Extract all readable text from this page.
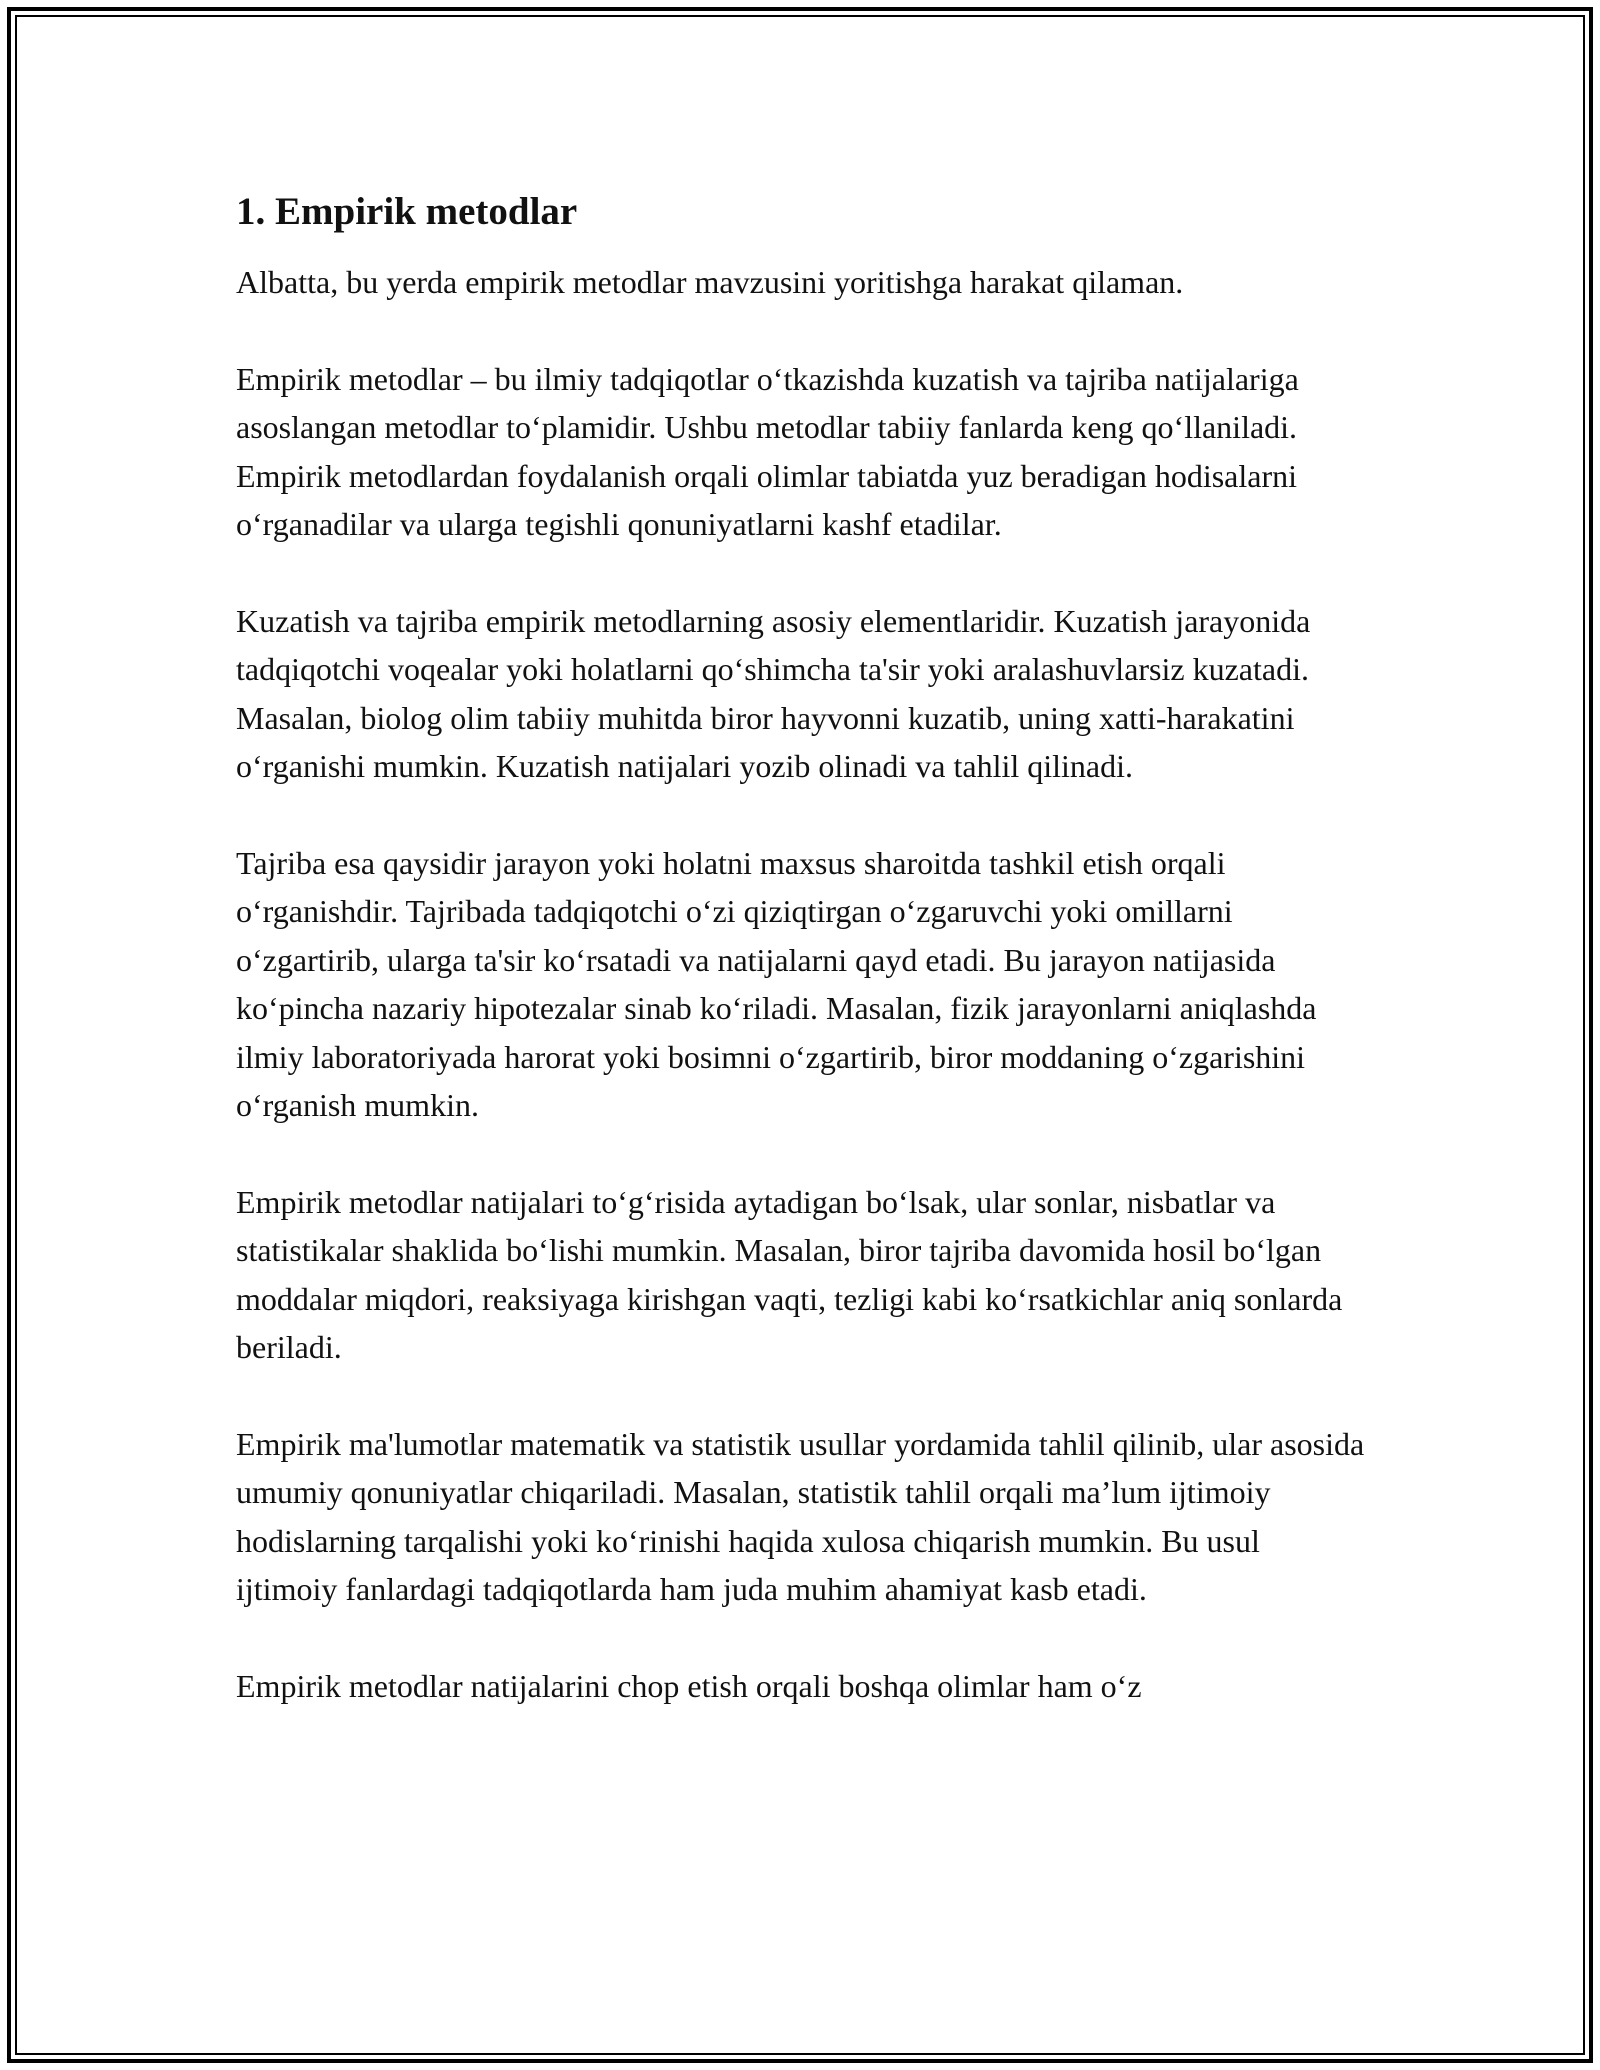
1. Empirik metodlar

Albatta, bu yerda empirik metodlar mavzusini yoritishga harakat qilaman.

Empirik metodlar – bu ilmiy tadqiqotlar oʻtkazishda kuzatish va tajriba natijalariga asoslangan metodlar toʻplamidir. Ushbu metodlar tabiiy fanlarda keng qoʻllaniladi. Empirik metodlardan foydalanish orqali olimlar tabiatda yuz beradigan hodisalarni oʻrganadilar va ularga tegishli qonuniyatlarni kashf etadilar.

Kuzatish va tajriba empirik metodlarning asosiy elementlaridir. Kuzatish jarayonida tadqiqotchi voqealar yoki holatlarni qoʻshimcha ta'sir yoki aralashuvlarsiz kuzatadi. Masalan, biolog olim tabiiy muhitda biror hayvonni kuzatib, uning xatti-harakatini oʻrganishi mumkin. Kuzatish natijalari yozib olinadi va tahlil qilinadi.

Tajriba esa qaysidir jarayon yoki holatni maxsus sharoitda tashkil etish orqali oʻrganishdir. Tajribada tadqiqotchi oʻzi qiziqtirgan oʻzgaruvchi yoki omillarni oʻzgartirib, ularga ta'sir koʻrsatadi va natijalarni qayd etadi. Bu jarayon natijasida koʻpincha nazariy hipotezalar sinab koʻriladi. Masalan, fizik jarayonlarni aniqlashda ilmiy laboratoriyada harorat yoki bosimni oʻzgartirib, biror moddaning oʻzgarishini oʻrganish mumkin.

Empirik metodlar natijalari toʻgʻrisida aytadigan boʻlsak, ular sonlar, nisbatlar va statistikalar shaklida boʻlishi mumkin. Masalan, biror tajriba davomida hosil boʻlgan moddalar miqdori, reaksiyaga kirishgan vaqti, tezligi kabi koʻrsatkichlar aniq sonlarda beriladi.

Empirik ma'lumotlar matematik va statistik usullar yordamida tahlil qilinib, ular asosida umumiy qonuniyatlar chiqariladi. Masalan, statistik tahlil orqali ma’lum ijtimoiy hodislarning tarqalishi yoki koʻrinishi haqida xulosa chiqarish mumkin. Bu usul ijtimoiy fanlardagi tadqiqotlarda ham juda muhim ahamiyat kasb etadi.

Empirik metodlar natijalarini chop etish orqali boshqa olimlar ham oʻz
